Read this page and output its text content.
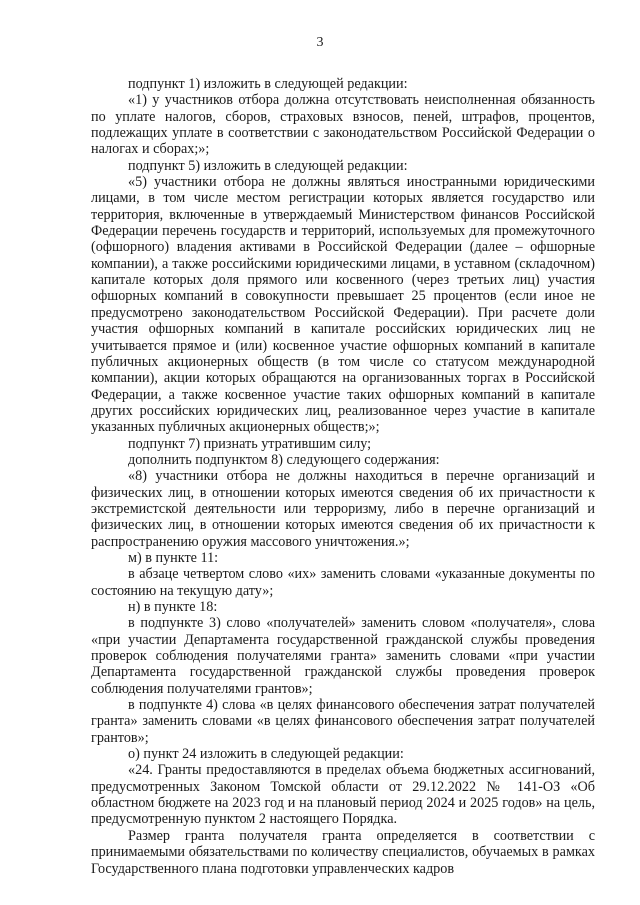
3

подпункт 1) изложить в следующей редакции:

«1) у участников отбора должна отсутствовать неисполненная обязанность по уплате налогов, сборов, страховых взносов, пеней, штрафов, процентов, подлежащих уплате в соответствии с законодательством Российской Федерации о налогах и сборах;»;

подпункт 5) изложить в следующей редакции:

«5) участники отбора не должны являться иностранными юридическими лицами, в том числе местом регистрации которых является государство или территория, включенные в утверждаемый Министерством финансов Российской Федерации перечень государств и территорий, используемых для промежуточного (офшорного) владения активами в Российской Федерации (далее – офшорные компании), а также российскими юридическими лицами, в уставном (складочном) капитале которых доля прямого или косвенного (через третьих лиц) участия офшорных компаний в совокупности превышает 25 процентов (если иное не предусмотрено законодательством Российской Федерации). При расчете доли участия офшорных компаний в капитале российских юридических лиц не учитывается прямое и (или) косвенное участие офшорных компаний в капитале публичных акционерных обществ (в том числе со статусом международной компании), акции которых обращаются на организованных торгах в Российской Федерации, а также косвенное участие таких офшорных компаний в капитале других российских юридических лиц, реализованное через участие в капитале указанных публичных акционерных обществ;»;

подпункт 7) признать утратившим силу;

дополнить подпунктом 8) следующего содержания:

«8) участники отбора не должны находиться в перечне организаций и физических лиц, в отношении которых имеются сведения об их причастности к экстремистской деятельности или терроризму, либо в перечне организаций и физических лиц, в отношении которых имеются сведения об их причастности к распространению оружия массового уничтожения.»;

м) в пункте 11:

в абзаце четвертом слово «их» заменить словами «указанные документы по состоянию на текущую дату»;

н) в пункте 18:

в подпункте 3) слово «получателей» заменить словом «получателя», слова «при участии Департамента государственной гражданской службы проведения проверок соблюдения получателями гранта» заменить словами «при участии Департамента государственной гражданской службы проведения проверок соблюдения получателями грантов»;

в подпункте 4) слова «в целях финансового обеспечения затрат получателей гранта» заменить словами «в целях финансового обеспечения затрат получателей грантов»;

о) пункт 24 изложить в следующей редакции:

«24. Гранты предоставляются в пределах объема бюджетных ассигнований, предусмотренных Законом Томской области от 29.12.2022 № 141-ОЗ «Об областном бюджете на 2023 год и на плановый период 2024 и 2025 годов» на цель, предусмотренную пунктом 2 настоящего Порядка.

Размер гранта получателя гранта определяется в соответствии с принимаемыми обязательствами по количеству специалистов, обучаемых в рамках Государственного плана подготовки управленческих кадров
